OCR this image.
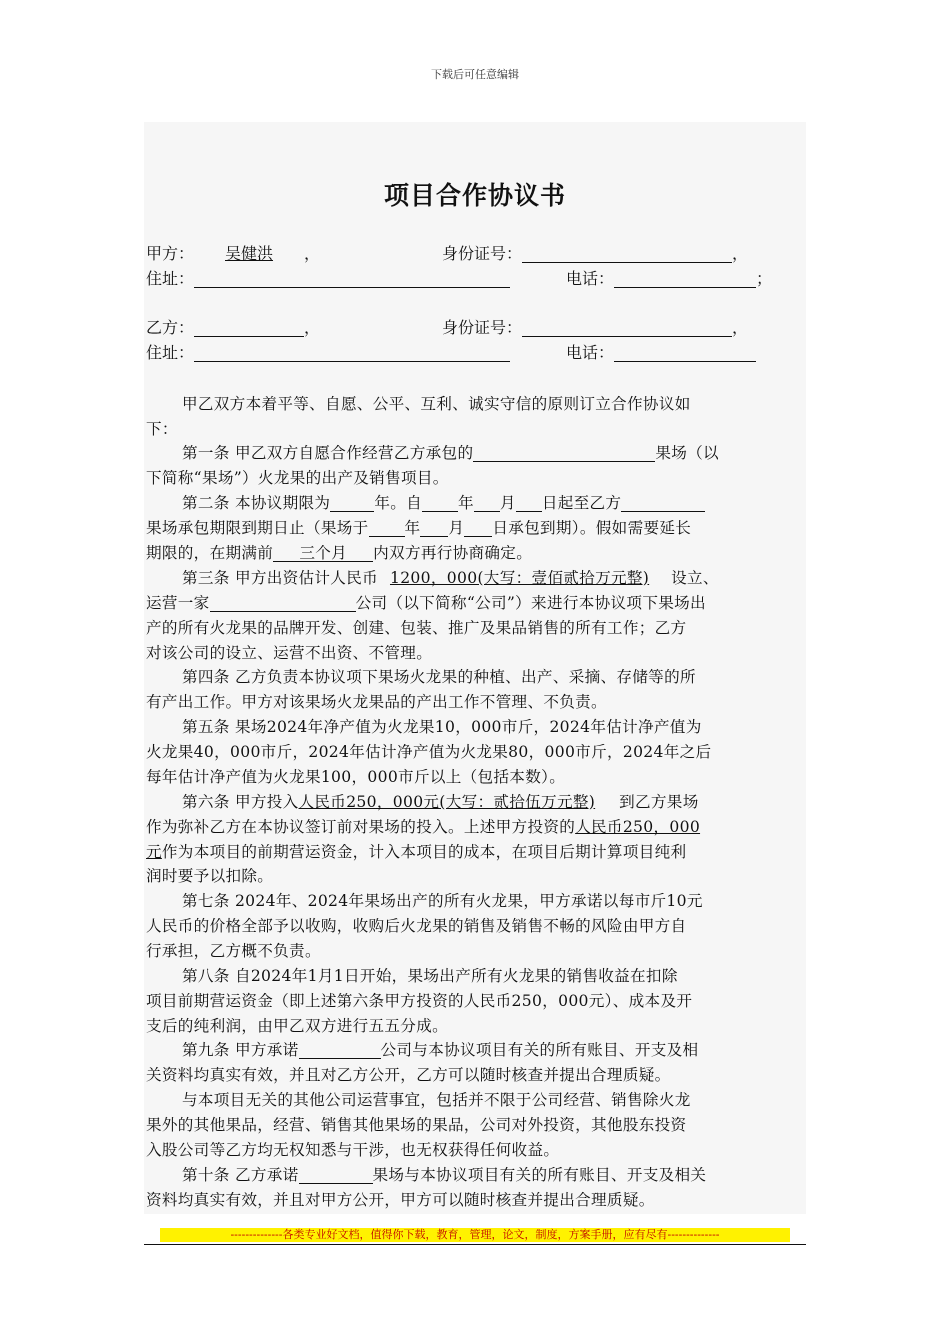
下载后可任意编辑
项目合作协议书
甲方： 吴健洪 ，	身份证号：	，
住址：	电话：	；
乙方：	，	身份证号：	，
住址：	电话：
甲乙双方本着平等、自愿、公平、互利、诚实守信的原则订立合作协议如
下：
第一条 甲乙双方自愿合作经营乙方承包的	果场（以
下简称“果场”）火龙果的出产及销售项目。
第二条 本协议期限为	年。自 年 月 日起至乙方
果场承包期限到期日止（果场于 年 月 日承包到期）。假如需要延长
期限的，在期满前 三个月 内双方再行协商确定。
第三条 甲方出资估计人民币 1200，000(大写：壹佰贰拾万元整) 设立、
运营一家	公司（以下简称“公司”）来进行本协议项下果场出
产的所有火龙果的品牌开发、创建、包装、推广及果品销售的所有工作；乙方
对该公司的设立、运营不出资、不管理。
第四条 乙方负责本协议项下果场火龙果的种植、出产、采摘、存储等的所
有产出工作。甲方对该果场火龙果品的产出工作不管理、不负责。
第五条 果场2024年净产值为火龙果10，000市斤，2024年估计净产值为
火龙果40，000市斤，2024年估计净产值为火龙果80，000市斤，2024年之后
每年估计净产值为火龙果100，000市斤以上（包括本数）。
第六条 甲方投入人民币250，000元(大写：贰拾伍万元整) 到乙方果场
作为弥补乙方在本协议签订前对果场的投入。上述甲方投资的人民币250，000
元作为本项目的前期营运资金，计入本项目的成本，在项目后期计算项目纯利
润时要予以扣除。
第七条 2024年、2024年果场出产的所有火龙果，甲方承诺以每市斤10元
人民币的价格全部予以收购，收购后火龙果的销售及销售不畅的风险由甲方自
行承担，乙方概不负责。
第八条 自2024年1月1日开始，果场出产所有火龙果的销售收益在扣除
项目前期营运资金（即上述第六条甲方投资的人民币250，000元）、成本及开
支后的纯利润，由甲乙双方进行五五分成。
第九条 甲方承诺	公司与本协议项目有关的所有账目、开支及相
关资料均真实有效，并且对乙方公开，乙方可以随时核查并提出合理质疑。
与本项目无关的其他公司运营事宜，包括并不限于公司经营、销售除火龙
果外的其他果品，经营、销售其他果场的果品，公司对外投资，其他股东投资
入股公司等乙方均无权知悉与干涉，也无权获得任何收益。
第十条 乙方承诺	果场与本协议项目有关的所有账目、开支及相关
资料均真实有效，并且对甲方公开，甲方可以随时核查并提出合理质疑。
--------------各类专业好文档，值得你下载，教育，管理，论文，制度，方案手册，应有尽有--------------
